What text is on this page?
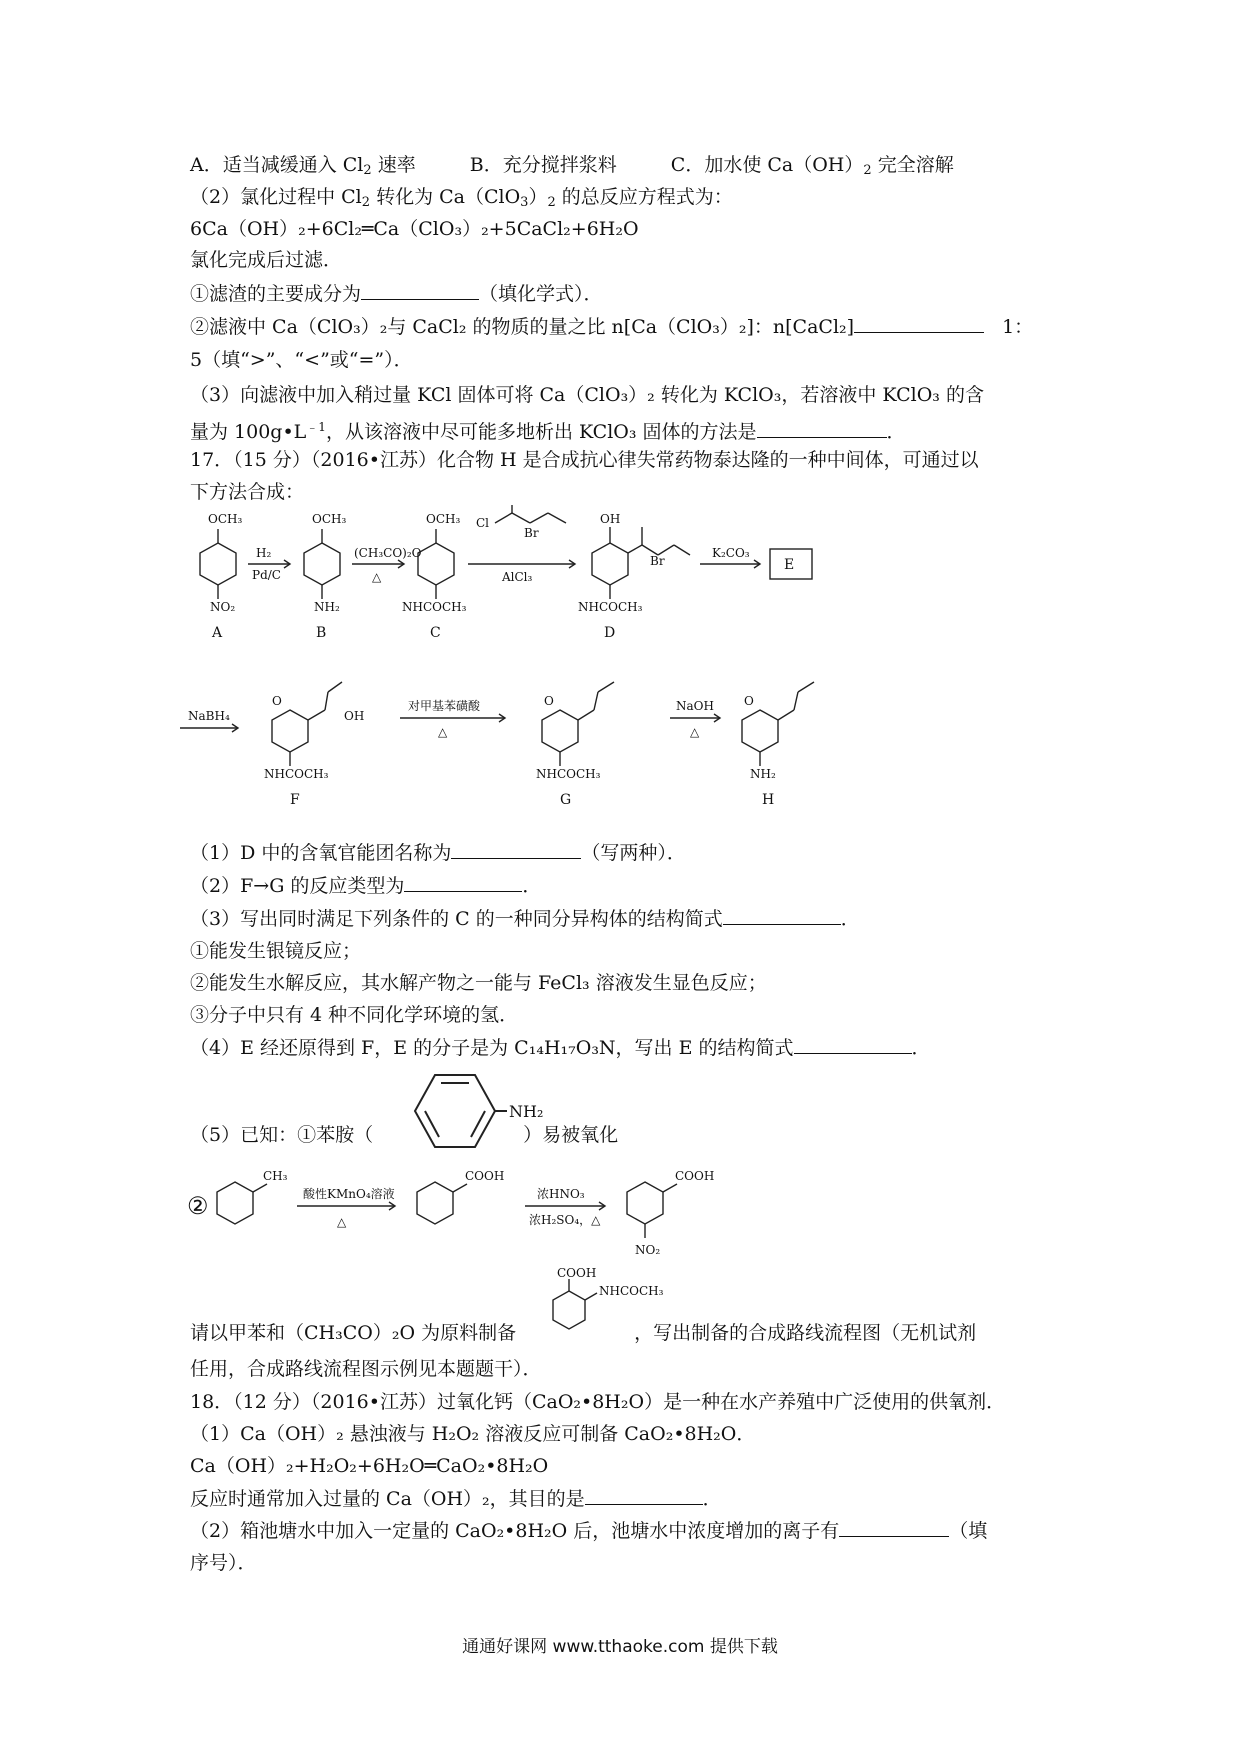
A．适当减缓通入 $Cl_2$ 速率	B．充分搅拌浆料	C．加水使 $Ca(OH)_2$ 完全溶解
（2）氯化过程中 $Cl_2$ 转化为 $Ca(ClO_3)_2$ 的总反应方程式为：
6Ca（OH）₂+6Cl₂═Ca（ClO₃）₂+5CaCl₂+6H₂O
氯化完成后过滤．
①滤渣的主要成分为	（填化学式）．
②滤液中 Ca（ClO₃）₂与 CaCl₂ 的物质的量之比 n[Ca（ClO₃）₂]：n[CaCl₂]	1：
5（填“>”、“<”或“=”）．
（3）向滤液中加入稍过量 KCl 固体可将 Ca（ClO₃）₂ 转化为 KClO₃，若溶液中 KClO₃ 的含
量为 $100g•L^{﹣1}$，从该溶液中尽可能多地析出 KClO₃ 固体的方法是	．
17．（15 分）（2016•江苏）化合物 H 是合成抗心律失常药物泰达隆的一种中间体，可通过以
下方法合成：
OCH₃
NO₂
A
H₂
Pd/C
OCH₃
NH₂
B
(CH₃CO)₂O
△
OCH₃
NHCOCH₃
C
Cl
Br
AlCl₃
OH
Br
NHCOCH₃
D
K₂CO₃
E
NaBH₄
O
OH
NHCOCH₃
F
对甲基苯磺酸
△
O
NHCOCH₃
G
NaOH
△
O
NH₂
H
（1）D 中的含氧官能团名称为	（写两种）．
（2）F→G 的反应类型为	．
（3）写出同时满足下列条件的 C 的一种同分异构体的结构简式	．
①能发生银镜反应；
②能发生水解反应，其水解产物之一能与 FeCl₃ 溶液发生显色反应；
③分子中只有 4 种不同化学环境的氢．
（4）E 经还原得到 F，E 的分子是为 C₁₄H₁₇O₃N，写出 E 的结构简式	．
（5）已知：①苯胺（	）易被氧化
NH₂
②
CH₃
酸性KMnO₄溶液
△
COOH
浓HNO₃
浓H₂SO₄，△
COOH
NO₂
COOH
NHCOCH₃
请以甲苯和（CH₃CO）₂O 为原料制备	，写出制备的合成路线流程图（无机试剂
任用，合成路线流程图示例见本题题干）．
18．（12 分）（2016•江苏）过氧化钙（CaO₂•8H₂O）是一种在水产养殖中广泛使用的供氧剂．
（1）Ca（OH）₂ 悬浊液与 H₂O₂ 溶液反应可制备 CaO₂•8H₂O．
Ca（OH）₂+H₂O₂+6H₂O═CaO₂•8H₂O
反应时通常加入过量的 Ca（OH）₂，其目的是	．
（2）箱池塘水中加入一定量的 CaO₂•8H₂O 后，池塘水中浓度增加的离子有	（填
序号）．
通通好课网 www.tthaoke.com 提供下载
